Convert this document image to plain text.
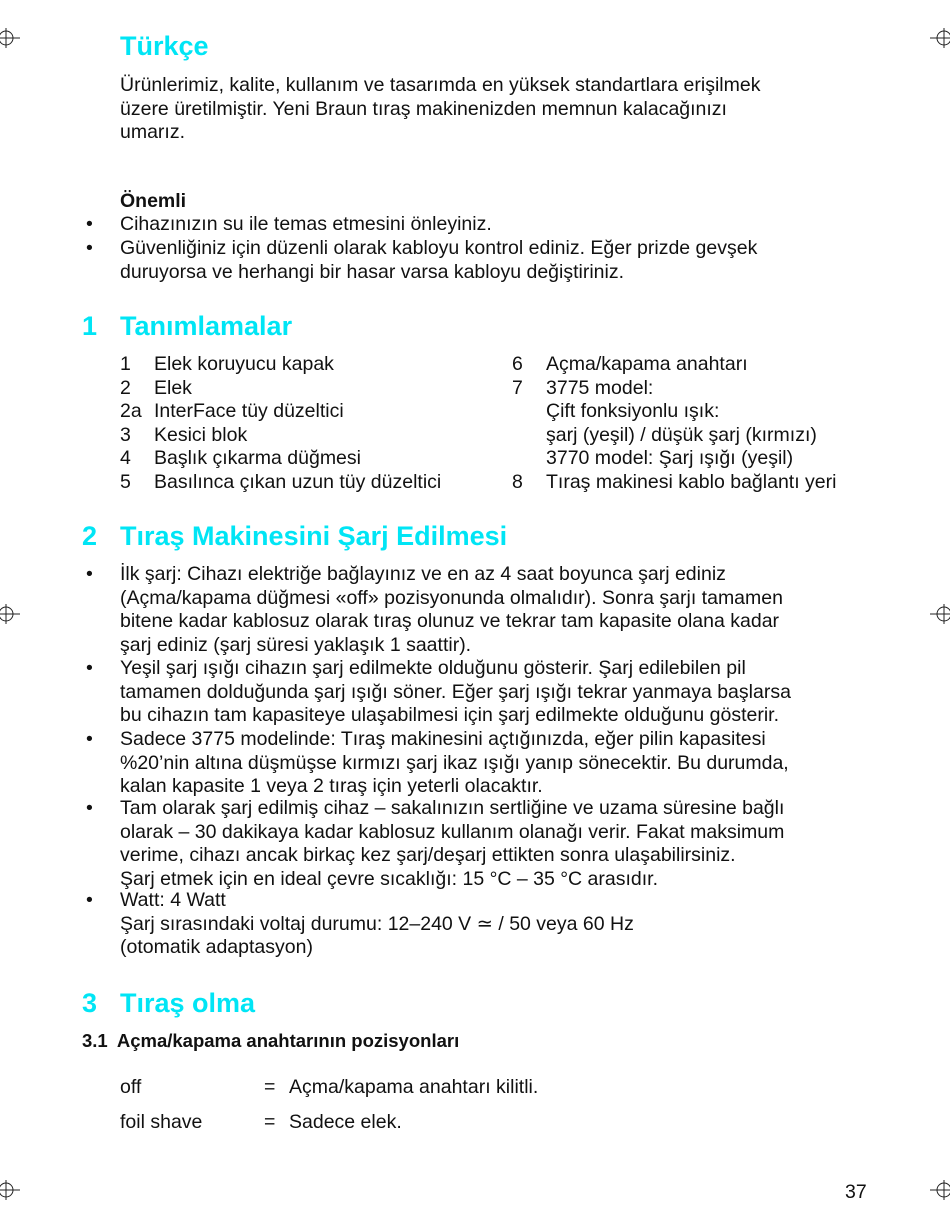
Türkçe
Ürünlerimiz, kalite, kullanım ve tasarımda en yüksek standartlara erişilmek
üzere üretilmiştir. Yeni Braun tıraş makinenizden memnun kalacağınızı
umarız.
Önemli
• Cihazınızın su ile temas etmesini önleyiniz.
• Güvenliğiniz için düzenli olarak kabloyu kontrol ediniz. Eğer prizde gevşek
duruyorsa ve herhangi bir hasar varsa kabloyu değiştiriniz.
1 Tanımlamalar
1	Elek koruyucu kapak
2	Elek
2a InterFace tüy düzeltici
3	Kesici blok
4	Başlık çıkarma düğmesi
5	Basılınca çıkan uzun tüy düzeltici
6	Açma/kapama anahtarı
7	3775 model:
Çift fonksiyonlu ışık:
şarj (yeşil) / düşük şarj (kırmızı)
3770 model: Şarj ışığı (yeşil)
8	Tıraş makinesi kablo bağlantı yeri
2 Tıraş Makinesini Şarj Edilmesi
• İlk şarj: Cihazı elektriğe bağlayınız ve en az 4 saat boyunca şarj ediniz
(Açma/kapama düğmesi «off» pozisyonunda olmalıdır). Sonra şarjı tamamen
bitene kadar kablosuz olarak tıraş olunuz ve tekrar tam kapasite olana kadar
şarj ediniz (şarj süresi yaklaşık 1 saattir).
• Yeşil şarj ışığı cihazın şarj edilmekte olduğunu gösterir. Şarj edilebilen pil
tamamen dolduğunda şarj ışığı söner. Eğer şarj ışığı tekrar yanmaya başlarsa
bu cihazın tam kapasiteye ulaşabilmesi için şarj edilmekte olduğunu gösterir.
• Sadece 3775 modelinde: Tıraş makinesini açtığınızda, eğer pilin kapasitesi
%20’nin altına düşmüşse kırmızı şarj ikaz ışığı yanıp sönecektir. Bu durumda,
kalan kapasite 1 veya 2 tıraş için yeterli olacaktır.
• Tam olarak şarj edilmiş cihaz – sakalınızın sertliğine ve uzama süresine bağlı
olarak – 30 dakikaya kadar kablosuz kullanım olanağı verir. Fakat maksimum
verime, cihazı ancak birkaç kez şarj/deşarj ettikten sonra ulaşabilirsiniz.
Şarj etmek için en ideal çevre sıcaklığı: 15 °C – 35 °C arasıdır.
• Watt: 4 Watt
Şarj sırasındaki voltaj durumu: 12–240 V ≃ / 50 veya 60 Hz
(otomatik adaptasyon)
3 Tıraş olma
3.1 Açma/kapama anahtarının pozisyonları
off	= Açma/kapama anahtarı kilitli.
foil shave	= Sadece elek.
37
